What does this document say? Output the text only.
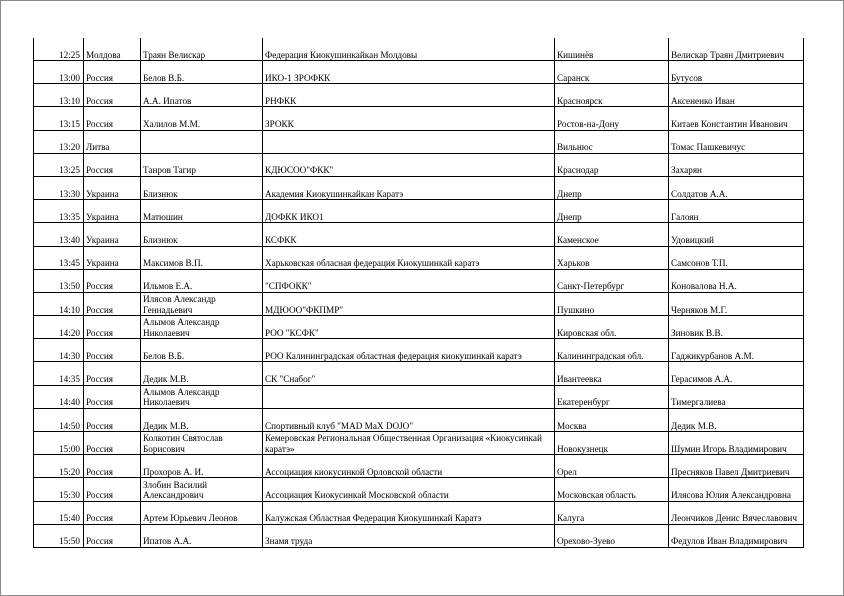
12:25	Молдова	Траян Велискар	Федерация Киокушинкайкан Молдовы	Кишинёв	Велискар Траян Дмитриевич
13:00	Россия	Белов В.Б.	ИКО-1 ЗРОФКК	Саранск	Бутусов
13:10	Россия	А.А. Ипатов	РНФКК	Красноярск	Аксененко Иван
13:15	Россия	Халилов М.М.	ЗРОКК	Ростов-на-Дону	Китаев Константин Иванович
13:20	Литва			Вильнюс	Томас Пашкевичус
13:25	Россия	Танров Тагир	КДЮСОО"ФКК"	Краснодар	Захарян
13:30	Украина	Близнюк	Академия Киокушинкайкан Каратэ	Днепр	Солдатов А.А.
13:35	Украина	Матюшин	ДОФКК ИКО1	Днепр	Галоян
13:40	Украина	Близнюк	КСФКК	Каменское	Удовицкий
13:45	Украина	Максимов В.П.	Харьковская обласная федерация Киокушинкай каратэ	Харьков	Самсонов Т.П.
13:50	Россия	Ильмов Е.А.	"СПФОКК"	Санкт-Петербург	Коновалова Н.А.
14:10	Россия	Илясов Александр Геннадьевич	МДЮОО"ФКПМР"	Пушкино	Черняков М.Г.
14:20	Россия	Алымов Александр Николаевич	РОО "КСФК"	Кировская обл.	Зиновик В.В.
14:30	Россия	Белов В.Б.	РОО Калининградская областная федерация киокушинкай каратэ	Калининградская обл.	Гаджикурбанов А.М.
14:35	Россия	Дедик М.В.	СК "Снабог"	Ивантеевка	Герасимов А.А.
14:40	Россия	Алымов Александр Николаевич		Екатеренбург	Тимергалиева
14:50	Россия	Дедик М.В.	Спортивный клуб "MAD MaX DOJO"	Москва	Дедик М.В.
15:00	Россия	Колкотин Святослав Борисович	Кемеровская Региональная Общественная Организация «Киокусинкай каратэ»	Новокузнецк	Шумин Игорь Владимирович
15:20	Россия	Прохоров А. И.	Ассоциация киокусинкой Орловской области	Орел	Пресняков Павел Дмитриевич
15:30	Россия	Злобин Василий Александрович	Ассоциация Киокусинкай Московской области	Московская область	Илясова Юлия Александровна
15:40	Россия	Артем Юрьевич Леонов	Калужская Областная Федерация Киокушинкай Каратэ	Калуга	Леончиков Денис Вячеславович
15:50	Россия	Ипатов А.А.	Знамя труда	Орехово-Зуево	Федулов Иван Владимирович
